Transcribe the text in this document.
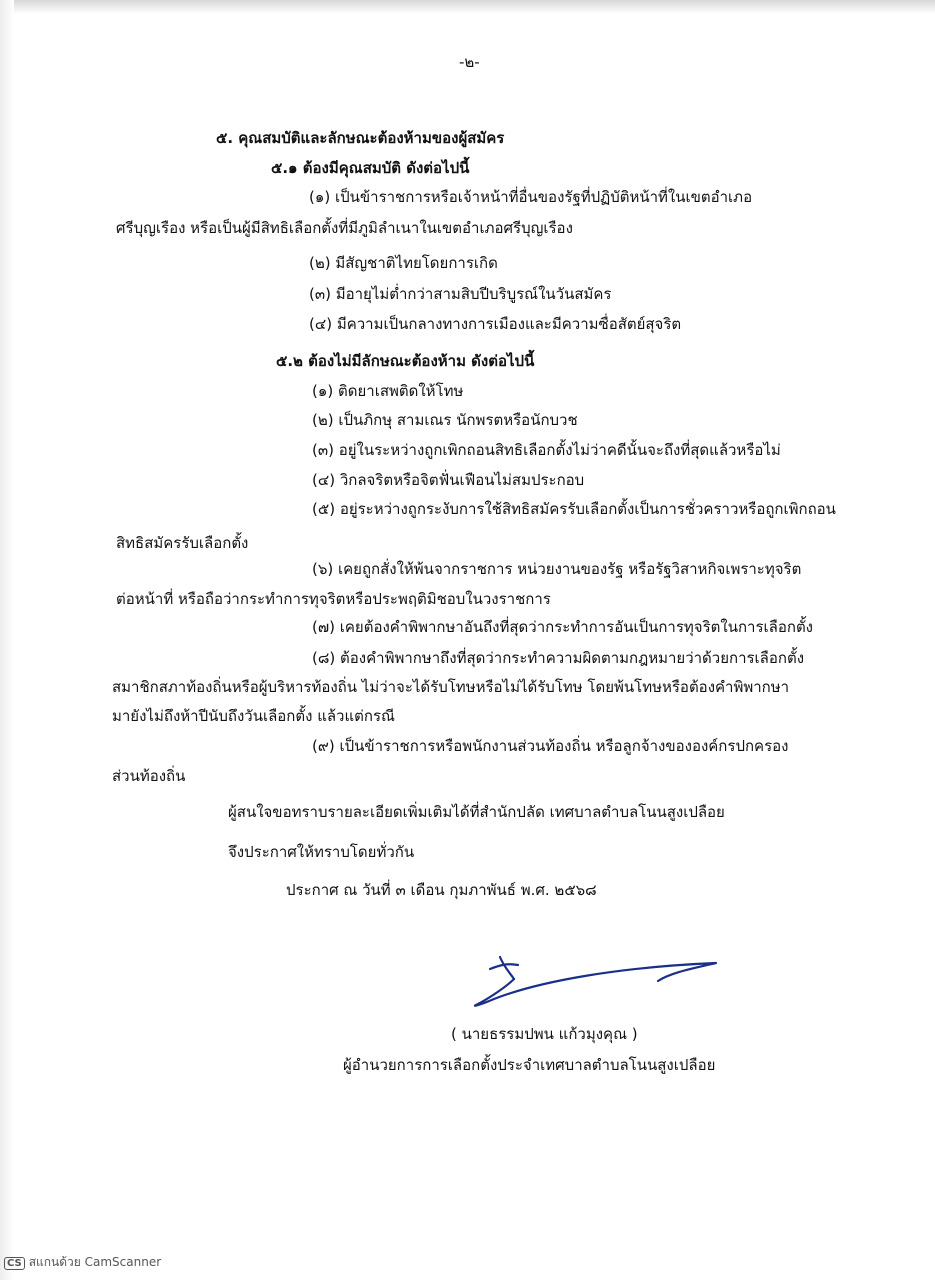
-๒-
๕. คุณสมบัติและลักษณะต้องห้ามของผู้สมัคร
๕.๑ ต้องมีคุณสมบัติ ดังต่อไปนี้
(๑) เป็นข้าราชการหรือเจ้าหน้าที่อื่นของรัฐที่ปฏิบัติหน้าที่ในเขตอำเภอ
ศรีบุญเรือง หรือเป็นผู้มีสิทธิเลือกตั้งที่มีภูมิลำเนาในเขตอำเภอศรีบุญเรือง
(๒) มีสัญชาติไทยโดยการเกิด
(๓) มีอายุไม่ต่ำกว่าสามสิบปีบริบูรณ์ในวันสมัคร
(๔) มีความเป็นกลางทางการเมืองและมีความซื่อสัตย์สุจริต
๕.๒ ต้องไม่มีลักษณะต้องห้าม ดังต่อไปนี้
(๑) ติดยาเสพติดให้โทษ
(๒) เป็นภิกษุ สามเณร นักพรตหรือนักบวช
(๓) อยู่ในระหว่างถูกเพิกถอนสิทธิเลือกตั้งไม่ว่าคดีนั้นจะถึงที่สุดแล้วหรือไม่
(๔) วิกลจริตหรือจิตฟั่นเฟือนไม่สมประกอบ
(๕) อยู่ระหว่างถูกระงับการใช้สิทธิสมัครรับเลือกตั้งเป็นการชั่วคราวหรือถูกเพิกถอน
สิทธิสมัครรับเลือกตั้ง
(๖) เคยถูกสั่งให้พ้นจากราชการ หน่วยงานของรัฐ หรือรัฐวิสาหกิจเพราะทุจริต
ต่อหน้าที่ หรือถือว่ากระทำการทุจริตหรือประพฤติมิชอบในวงราชการ
(๗) เคยต้องคำพิพากษาอันถึงที่สุดว่ากระทำการอันเป็นการทุจริตในการเลือกตั้ง
(๘) ต้องคำพิพากษาถึงที่สุดว่ากระทำความผิดตามกฎหมายว่าด้วยการเลือกตั้ง
สมาชิกสภาท้องถิ่นหรือผู้บริหารท้องถิ่น ไม่ว่าจะได้รับโทษหรือไม่ได้รับโทษ โดยพ้นโทษหรือต้องคำพิพากษา
มายังไม่ถึงห้าปีนับถึงวันเลือกตั้ง แล้วแต่กรณี
(๙) เป็นข้าราชการหรือพนักงานส่วนท้องถิ่น หรือลูกจ้างขององค์กรปกครอง
ส่วนท้องถิ่น
ผู้สนใจขอทราบรายละเอียดเพิ่มเติมได้ที่สำนักปลัด เทศบาลตำบลโนนสูงเปลือย
จึงประกาศให้ทราบโดยทั่วกัน
ประกาศ ณ วันที่ ๓ เดือน กุมภาพันธ์ พ.ศ. ๒๕๖๘
( นายธรรมปพน แก้วมุงคุณ )
ผู้อำนวยการการเลือกตั้งประจำเทศบาลตำบลโนนสูงเปลือย
CS สแกนด้วย CamScanner
